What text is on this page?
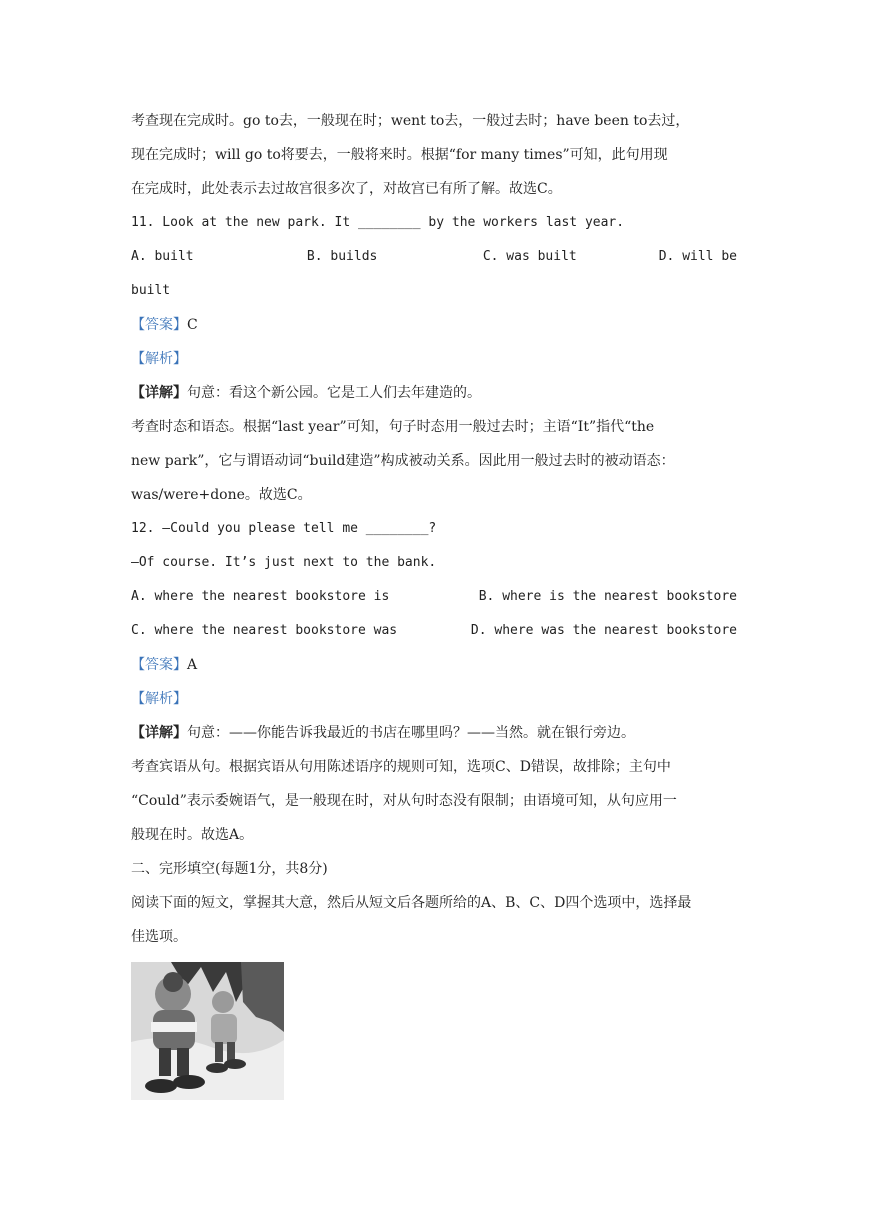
考查现在完成时。go to去，一般现在时；went to去，一般过去时；have been to去过，
现在完成时；will go to将要去，一般将来时。根据“for many times”可知，此句用现
在完成时，此处表示去过故宫很多次了，对故宫已有所了解。故选C。
11. Look at the new park. It ________ by the workers last year.
A. built	B. builds	C. was built	D. will be
built
【答案】C
【解析】
【详解】句意：看这个新公园。它是工人们去年建造的。
考查时态和语态。根据“last year”可知，句子时态用一般过去时；主语“It”指代“the
new park”，它与谓语动词“build建造”构成被动关系。因此用一般过去时的被动语态：
was/were+done。故选C。
12. —Could you please tell me ________?
—Of course. It’s just next to the bank.
A. where the nearest bookstore is	B. where is the nearest bookstore
C. where the nearest bookstore was	D. where was the nearest bookstore
【答案】A
【解析】
【详解】句意：——你能告诉我最近的书店在哪里吗？——当然。就在银行旁边。
考查宾语从句。根据宾语从句用陈述语序的规则可知，选项C、D错误，故排除；主句中
“Could”表示委婉语气，是一般现在时，对从句时态没有限制；由语境可知，从句应用一
般现在时。故选A。
二、完形填空(每题1分，共8分)
阅读下面的短文，掌握其大意，然后从短文后各题所给的A、B、C、D四个选项中，选择最
佳选项。
